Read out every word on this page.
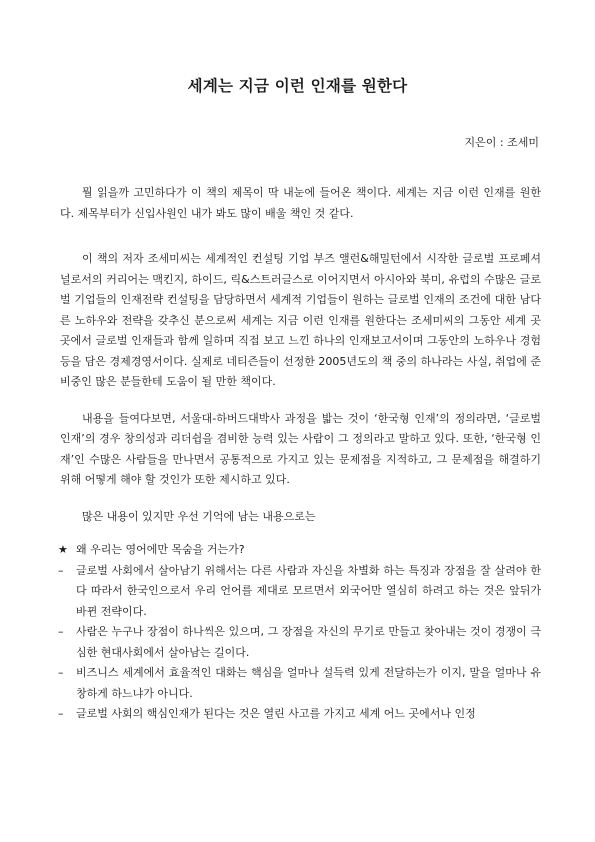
세계는 지금 이런 인재를 원한다
지은이 : 조세미

뭘 읽을까 고민하다가 이 책의 제목이 딱 내눈에 들어온 책이다. 세계는 지금 이런 인재를 원한다. 제목부터가 신입사원인 내가 봐도 많이 배울 책인 것 같다.

이 책의 저자 조세미씨는 세계적인 컨설팅 기업 부즈 앨런&해밀턴에서 시작한 글로벌 프로페셔널로서의 커리어는 맥킨지, 하이드, 릭&스트러글스로 이어지면서 아시아와 북미, 유럽의 수많은 글로벌 기업들의 인재전략 컨설팅을 담당하면서 세계적 기업들이 원하는 글로벌 인재의 조건에 대한 남다른 노하우와 전략을 갖추신 분으로써 세계는 지금 이런 인재를 원한다는 조세미씨의 그동안 세계 곳곳에서 글로벌 인재들과 함께 일하며 직접 보고 느낀 하나의 인재보고서이며 그동안의 노하우나 경험 등을 담은 경제경영서이다. 실제로 네티즌들이 선정한 2005년도의 책 중의 하나라는 사실, 취업에 준비중인 많은 분들한테 도움이 될 만한 책이다.

내용을 들여다보면, 서울대-하버드대박사 과정을 밟는 것이 ‘한국형 인재’의 정의라면, ‘글로벌 인재’의 경우 창의성과 리더쉽을 겸비한 능력 있는 사람이 그 정의라고 말하고 있다. 또한, ‘한국형 인재’인 수많은 사람들을 만나면서 공통적으로 가지고 있는 문제점을 지적하고, 그 문제점을 해결하기 위해 어떻게 해야 할 것인가 또한 제시하고 있다.

많은 내용이 있지만 우선 기억에 남는 내용으로는

★ 왜 우리는 영어에만 목숨을 거는가?

– 글로벌 사회에서 살아남기 위해서는 다른 사람과 자신을 차별화 하는 특징과 장점을 잘 살려야 한다 따라서 한국인으로서 우리 언어를 제대로 모르면서 외국어만 열심히 하려고 하는 것은 앞뒤가 바뀐 전략이다.

– 사람은 누구나 장점이 하나씩은 있으며, 그 장점을 자신의 무기로 만들고 찾아내는 것이 경쟁이 극심한 현대사회에서 살아남는 길이다.

– 비즈니스 세계에서 효율적인 대화는 핵심을 얼마나 설득력 있게 전달하는가 이지, 말을 얼마나 유창하게 하느냐가 아니다.

– 글로벌 사회의 핵심인재가 된다는 것은 열린 사고를 가지고 세계 어느 곳에서나 인정
